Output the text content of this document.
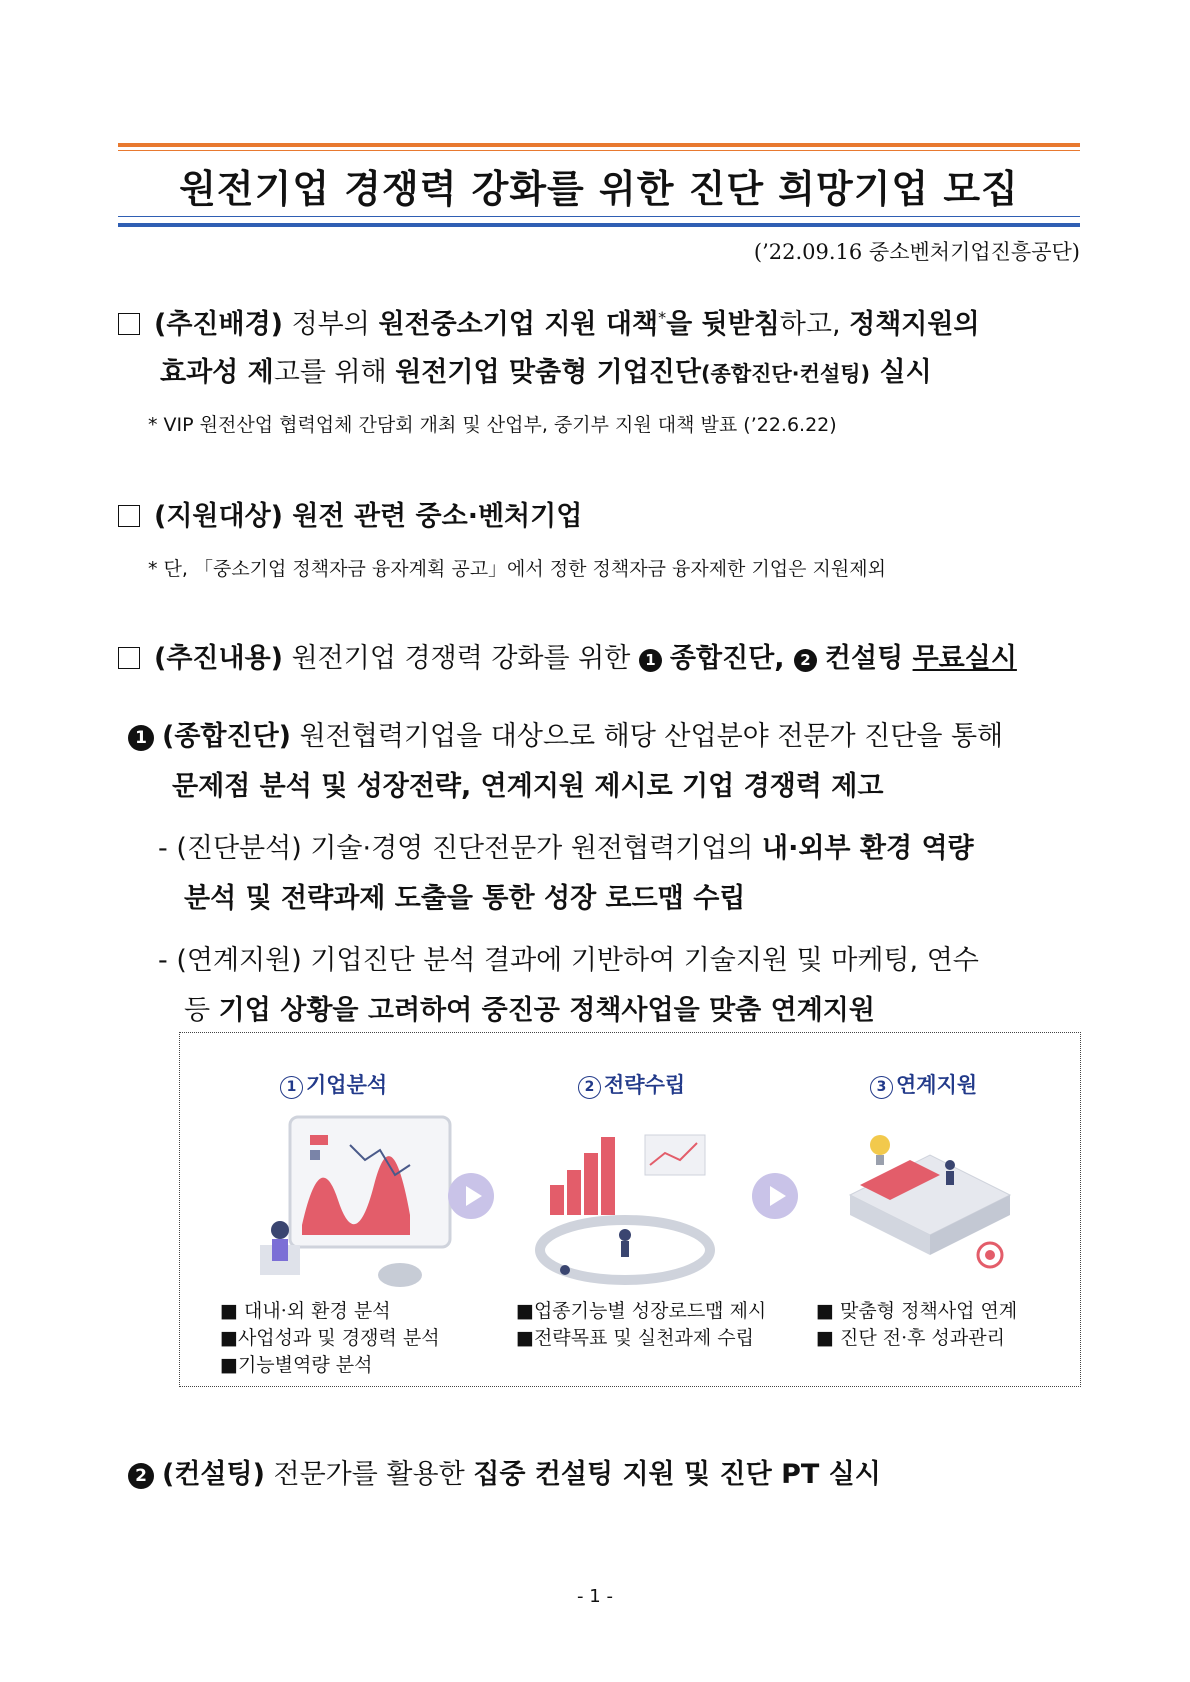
원전기업 경쟁력 강화를 위한 진단 희망기업 모집
(’22.09.16 중소벤처기업진흥공단)
(추진배경) 정부의 원전중소기업 지원 대책*을 뒷받침하고, 정책지원의
효과성 제고를 위해 원전기업 맞춤형 기업진단(종합진단·컨설팅) 실시
* VIP 원전산업 협력업체 간담회 개최 및 산업부, 중기부 지원 대책 발표 (’22.6.22)
(지원대상) 원전 관련 중소·벤처기업
* 단, 「중소기업 정책자금 융자계획 공고」에서 정한 정책자금 융자제한 기업은 지원제외
(추진내용) 원전기업 경쟁력 강화를 위한 1 종합진단, 2 컨설팅 무료실시
1 (종합진단) 원전협력기업을 대상으로 해당 산업분야 전문가 진단을 통해
문제점 분석 및 성장전략, 연계지원 제시로 기업 경쟁력 제고
- (진단분석) 기술·경영 진단전문가 원전협력기업의 내·외부 환경 역량
분석 및 전략과제 도출을 통한 성장 로드맵 수립
- (연계지원) 기업진단 분석 결과에 기반하여 기술지원 및 마케팅, 연수
등 기업 상황을 고려하여 중진공 정책사업을 맞춤 연계지원
1 기업분석	2 전략수립	3 연계지원
■ 대내·외 환경 분석
■사업성과 및 경쟁력 분석
■기능별역량 분석
■업종기능별 성장로드맵 제시
■전략목표 및 실천과제 수립
■ 맞춤형 정책사업 연계
■ 진단 전·후 성과관리
2 (컨설팅) 전문가를 활용한 집중 컨설팅 지원 및 진단 PT 실시
- 1 -
